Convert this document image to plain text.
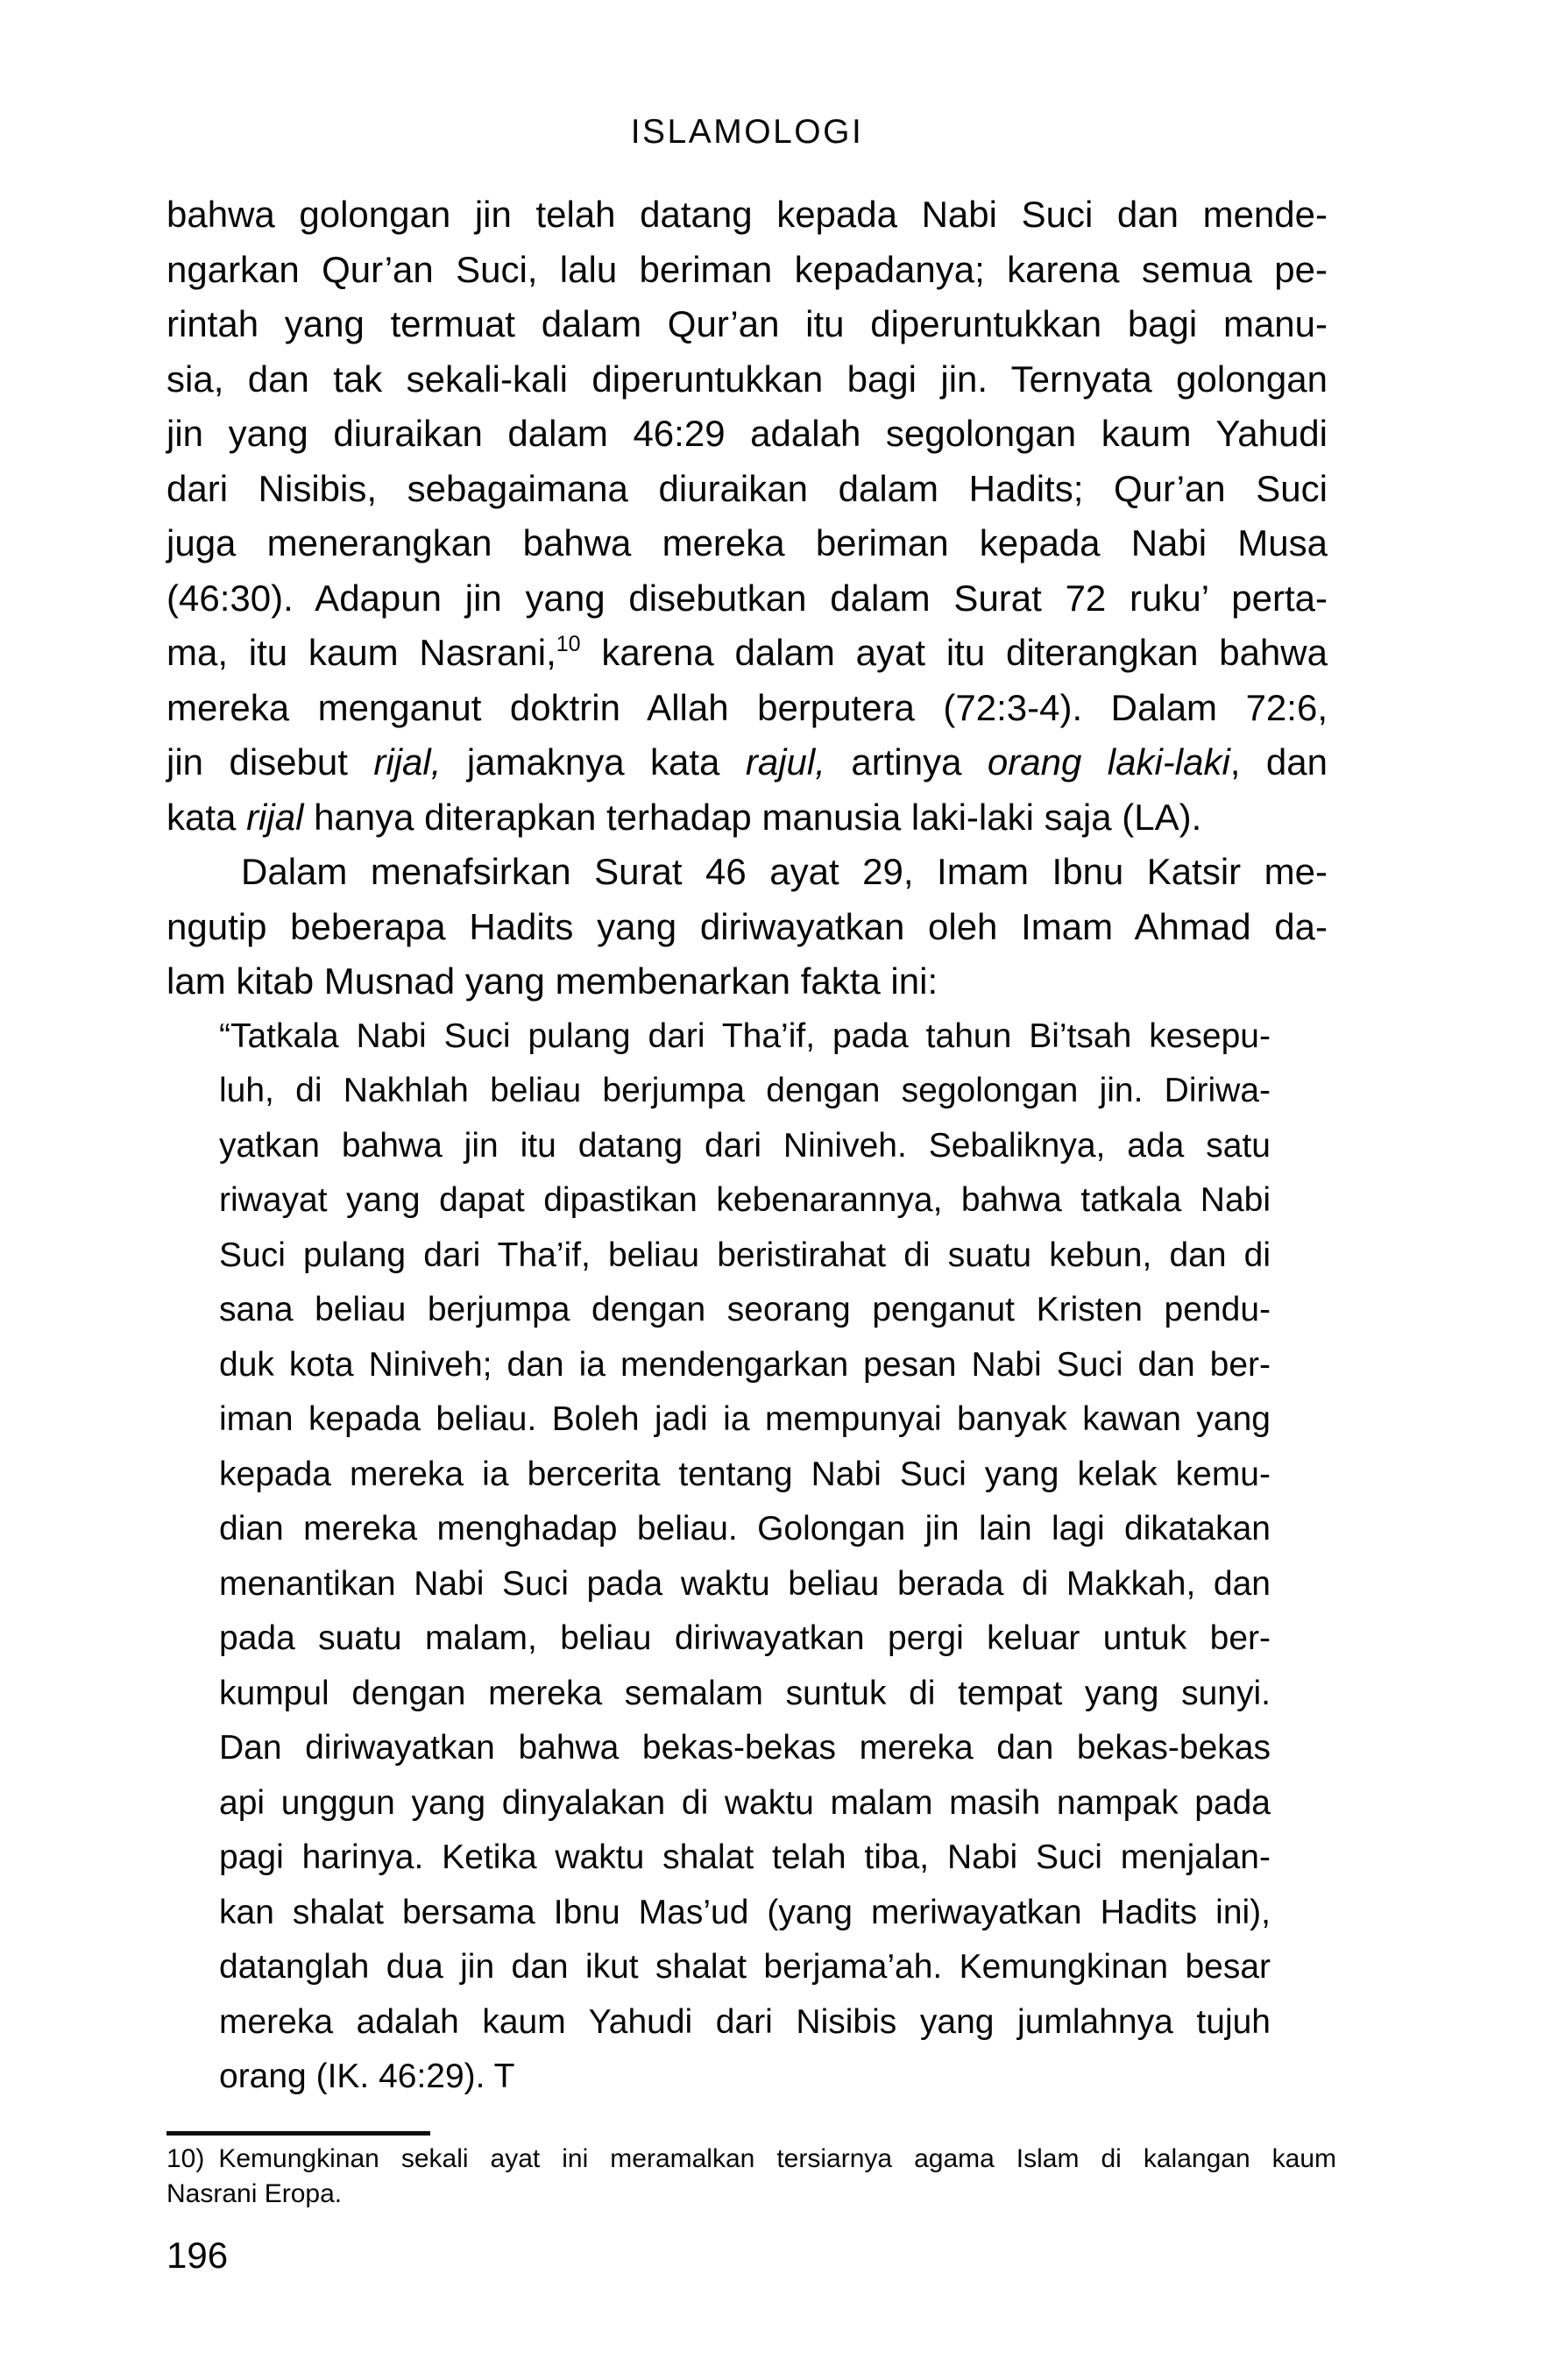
ISLAMOLOGI
bahwa golongan jin telah datang kepada Nabi Suci dan mende-
ngarkan Qur’an Suci, lalu beriman kepadanya; karena semua pe-
rintah yang termuat dalam Qur’an itu diperuntukkan bagi manu-
sia, dan tak sekali-kali diperuntukkan bagi jin. Ternyata golongan
jin yang diuraikan dalam 46:29 adalah segolongan kaum Yahudi
dari Nisibis, sebagaimana diuraikan dalam Hadits; Qur’an Suci
juga menerangkan bahwa mereka beriman kepada Nabi Musa
(46:30). Adapun jin yang disebutkan dalam Surat 72 ruku’ perta-
ma, itu kaum Nasrani,$^{10}$ karena dalam ayat itu diterangkan bahwa
mereka menganut doktrin Allah berputera (72:3-4). Dalam 72:6,
jin disebut rijal, jamaknya kata rajul, artinya orang laki-laki, dan
kata rijal hanya diterapkan terhadap manusia laki-laki saja (LA).
Dalam menafsirkan Surat 46 ayat 29, Imam Ibnu Katsir me-
ngutip beberapa Hadits yang diriwayatkan oleh Imam Ahmad da-
lam kitab Musnad yang membenarkan fakta ini:
“Tatkala Nabi Suci pulang dari Tha’if, pada tahun Bi’tsah kesepu-
luh, di Nakhlah beliau berjumpa dengan segolongan jin. Diriwa-
yatkan bahwa jin itu datang dari Niniveh. Sebaliknya, ada satu
riwayat yang dapat dipastikan kebenarannya, bahwa tatkala Nabi
Suci pulang dari Tha’if, beliau beristirahat di suatu kebun, dan di
sana beliau berjumpa dengan seorang penganut Kristen pendu-
duk kota Niniveh; dan ia mendengarkan pesan Nabi Suci dan ber-
iman kepada beliau. Boleh jadi ia mempunyai banyak kawan yang
kepada mereka ia bercerita tentang Nabi Suci yang kelak kemu-
dian mereka menghadap beliau. Golongan jin lain lagi dikatakan
menantikan Nabi Suci pada waktu beliau berada di Makkah, dan
pada suatu malam, beliau diriwayatkan pergi keluar untuk ber-
kumpul dengan mereka semalam suntuk di tempat yang sunyi.
Dan diriwayatkan bahwa bekas-bekas mereka dan bekas-bekas
api unggun yang dinyalakan di waktu malam masih nampak pada
pagi harinya. Ketika waktu shalat telah tiba, Nabi Suci menjalan-
kan shalat bersama Ibnu Mas’ud (yang meriwayatkan Hadits ini),
datanglah dua jin dan ikut shalat berjama’ah. Kemungkinan besar
mereka adalah kaum Yahudi dari Nisibis yang jumlahnya tujuh
orang (IK. 46:29). T
10) Kemungkinan sekali ayat ini meramalkan tersiarnya agama Islam di kalangan kaum
Nasrani Eropa.
196
